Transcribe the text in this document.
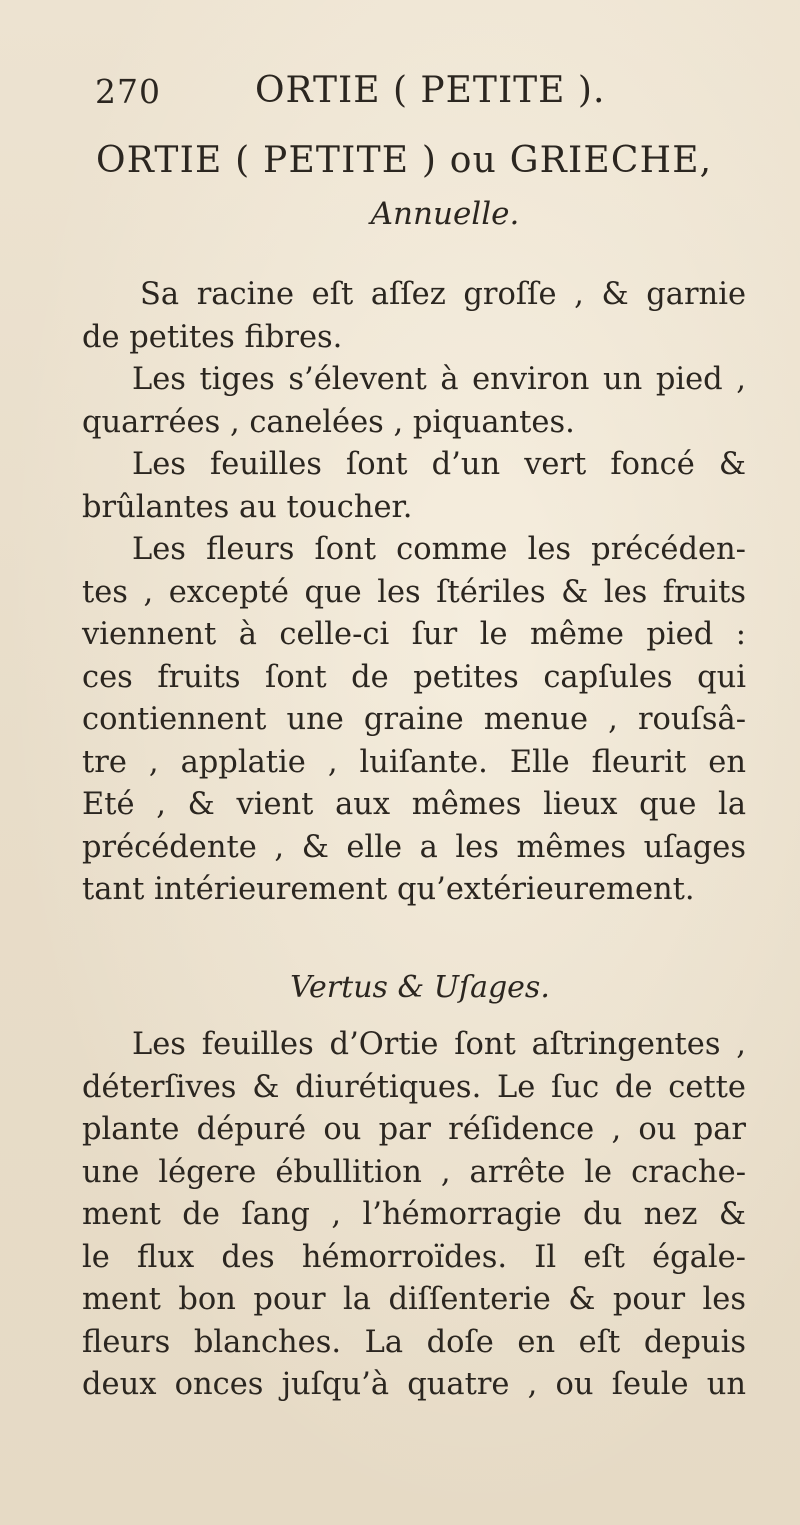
270	ORTIE ( PETITE ).
ORTIE ( PETITE ) ou GRIECHE,
Annuelle.
Sa racine eſt aſſez groſſe , & garnie
de petites fibres.
Les tiges s’élevent à environ un pied ,
quarrées , canelées , piquantes.
Les feuilles ſont d’un vert foncé &
brûlantes au toucher.
Les fleurs ſont comme les précéden-
tes , excepté que les ſtériles & les fruits
viennent à celle-ci ſur le même pied :
ces fruits ſont de petites capſules qui
contiennent une graine menue , rouſsâ-
tre , applatie , luiſante. Elle fleurit en
Eté , & vient aux mêmes lieux que la
précédente , & elle a les mêmes uſages
tant intérieurement qu’extérieurement.
Vertus & Uſages.
Les feuilles d’Ortie ſont aſtringentes ,
déterſives & diurétiques. Le ſuc de cette
plante dépuré ou par réſidence , ou par
une légere ébullition , arrête le crache-
ment de ſang , l’hémorragie du nez &
le flux des hémorroïdes. Il eſt égale-
ment bon pour la diſſenterie & pour les
fleurs blanches. La doſe en eſt depuis
deux onces juſqu’à quatre , ou ſeule un
